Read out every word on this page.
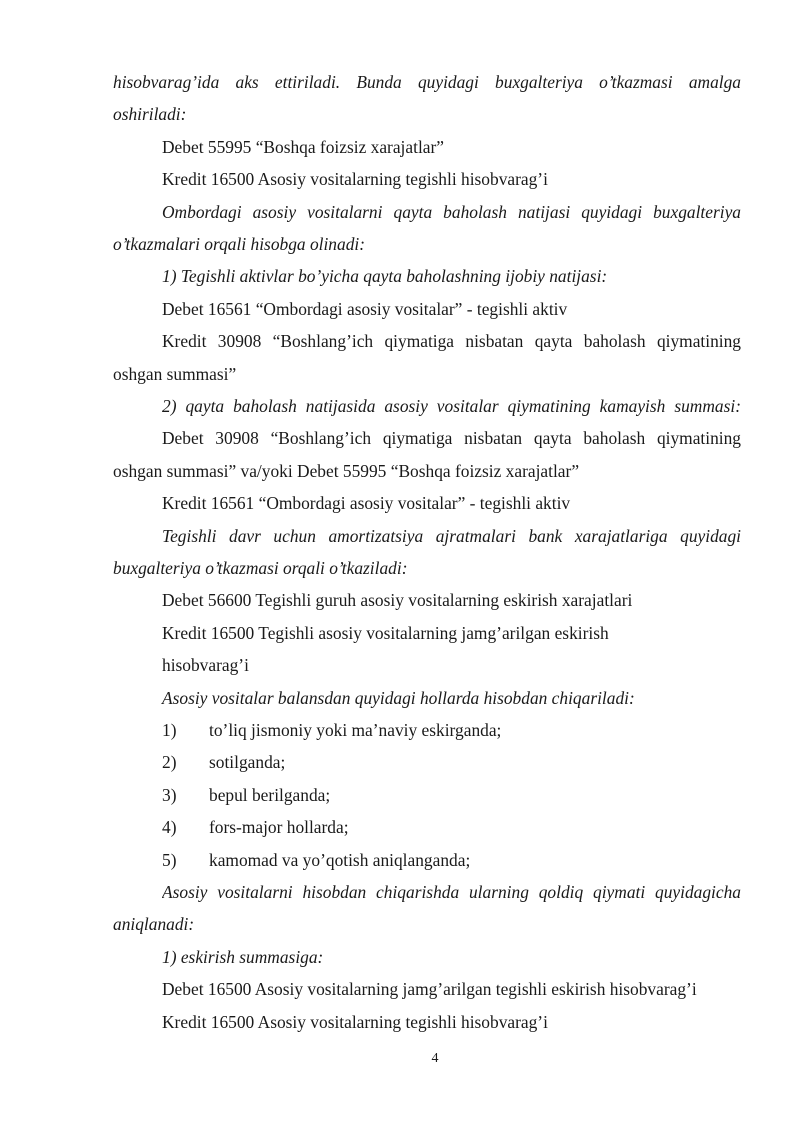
hisobvarag’ida aks ettiriladi. Bunda quyidagi buxgalteriya o’tkazmasi amalga
oshiriladi:
Debet 55995 “Boshqa foizsiz xarajatlar”
Kredit 16500 Asosiy vositalarning tegishli hisobvarag’i
Ombordagi asosiy vositalarni qayta baholash natijasi quyidagi buxgalteriya
o’tkazmalari orqali hisobga olinadi:
1) Tegishli aktivlar bo’yicha qayta baholashning ijobiy natijasi:
Debet 16561 “Ombordagi asosiy vositalar” - tegishli aktiv
Kredit 30908 “Boshlang’ich qiymatiga nisbatan qayta baholash qiymatining
oshgan summasi”
2) qayta baholash natijasida asosiy vositalar qiymatining kamayish summasi:
Debet 30908 “Boshlang’ich qiymatiga nisbatan qayta baholash qiymatining
oshgan summasi” va/yoki Debet 55995 “Boshqa foizsiz xarajatlar”
Kredit 16561 “Ombordagi asosiy vositalar” - tegishli aktiv
Tegishli davr uchun amortizatsiya ajratmalari bank xarajatlariga quyidagi
buxgalteriya o’tkazmasi orqali o’tkaziladi:
Debet 56600 Tegishli guruh asosiy vositalarning eskirish xarajatlari
Kredit 16500 Tegishli asosiy vositalarning jamg’arilgan eskirish
hisobvarag’i
Asosiy vositalar balansdan quyidagi hollarda hisobdan chiqariladi:
1) to’liq jismoniy yoki ma’naviy eskirganda;
2) sotilganda;
3) bepul berilganda;
4) fors-major hollarda;
5) kamomad va yo’qotish aniqlanganda;
Asosiy vositalarni hisobdan chiqarishda ularning qoldiq qiymati quyidagicha
aniqlanadi:
1) eskirish summasiga:
Debet 16500 Asosiy vositalarning jamg’arilgan tegishli eskirish hisobvarag’i
Kredit 16500 Asosiy vositalarning tegishli hisobvarag’i
4
